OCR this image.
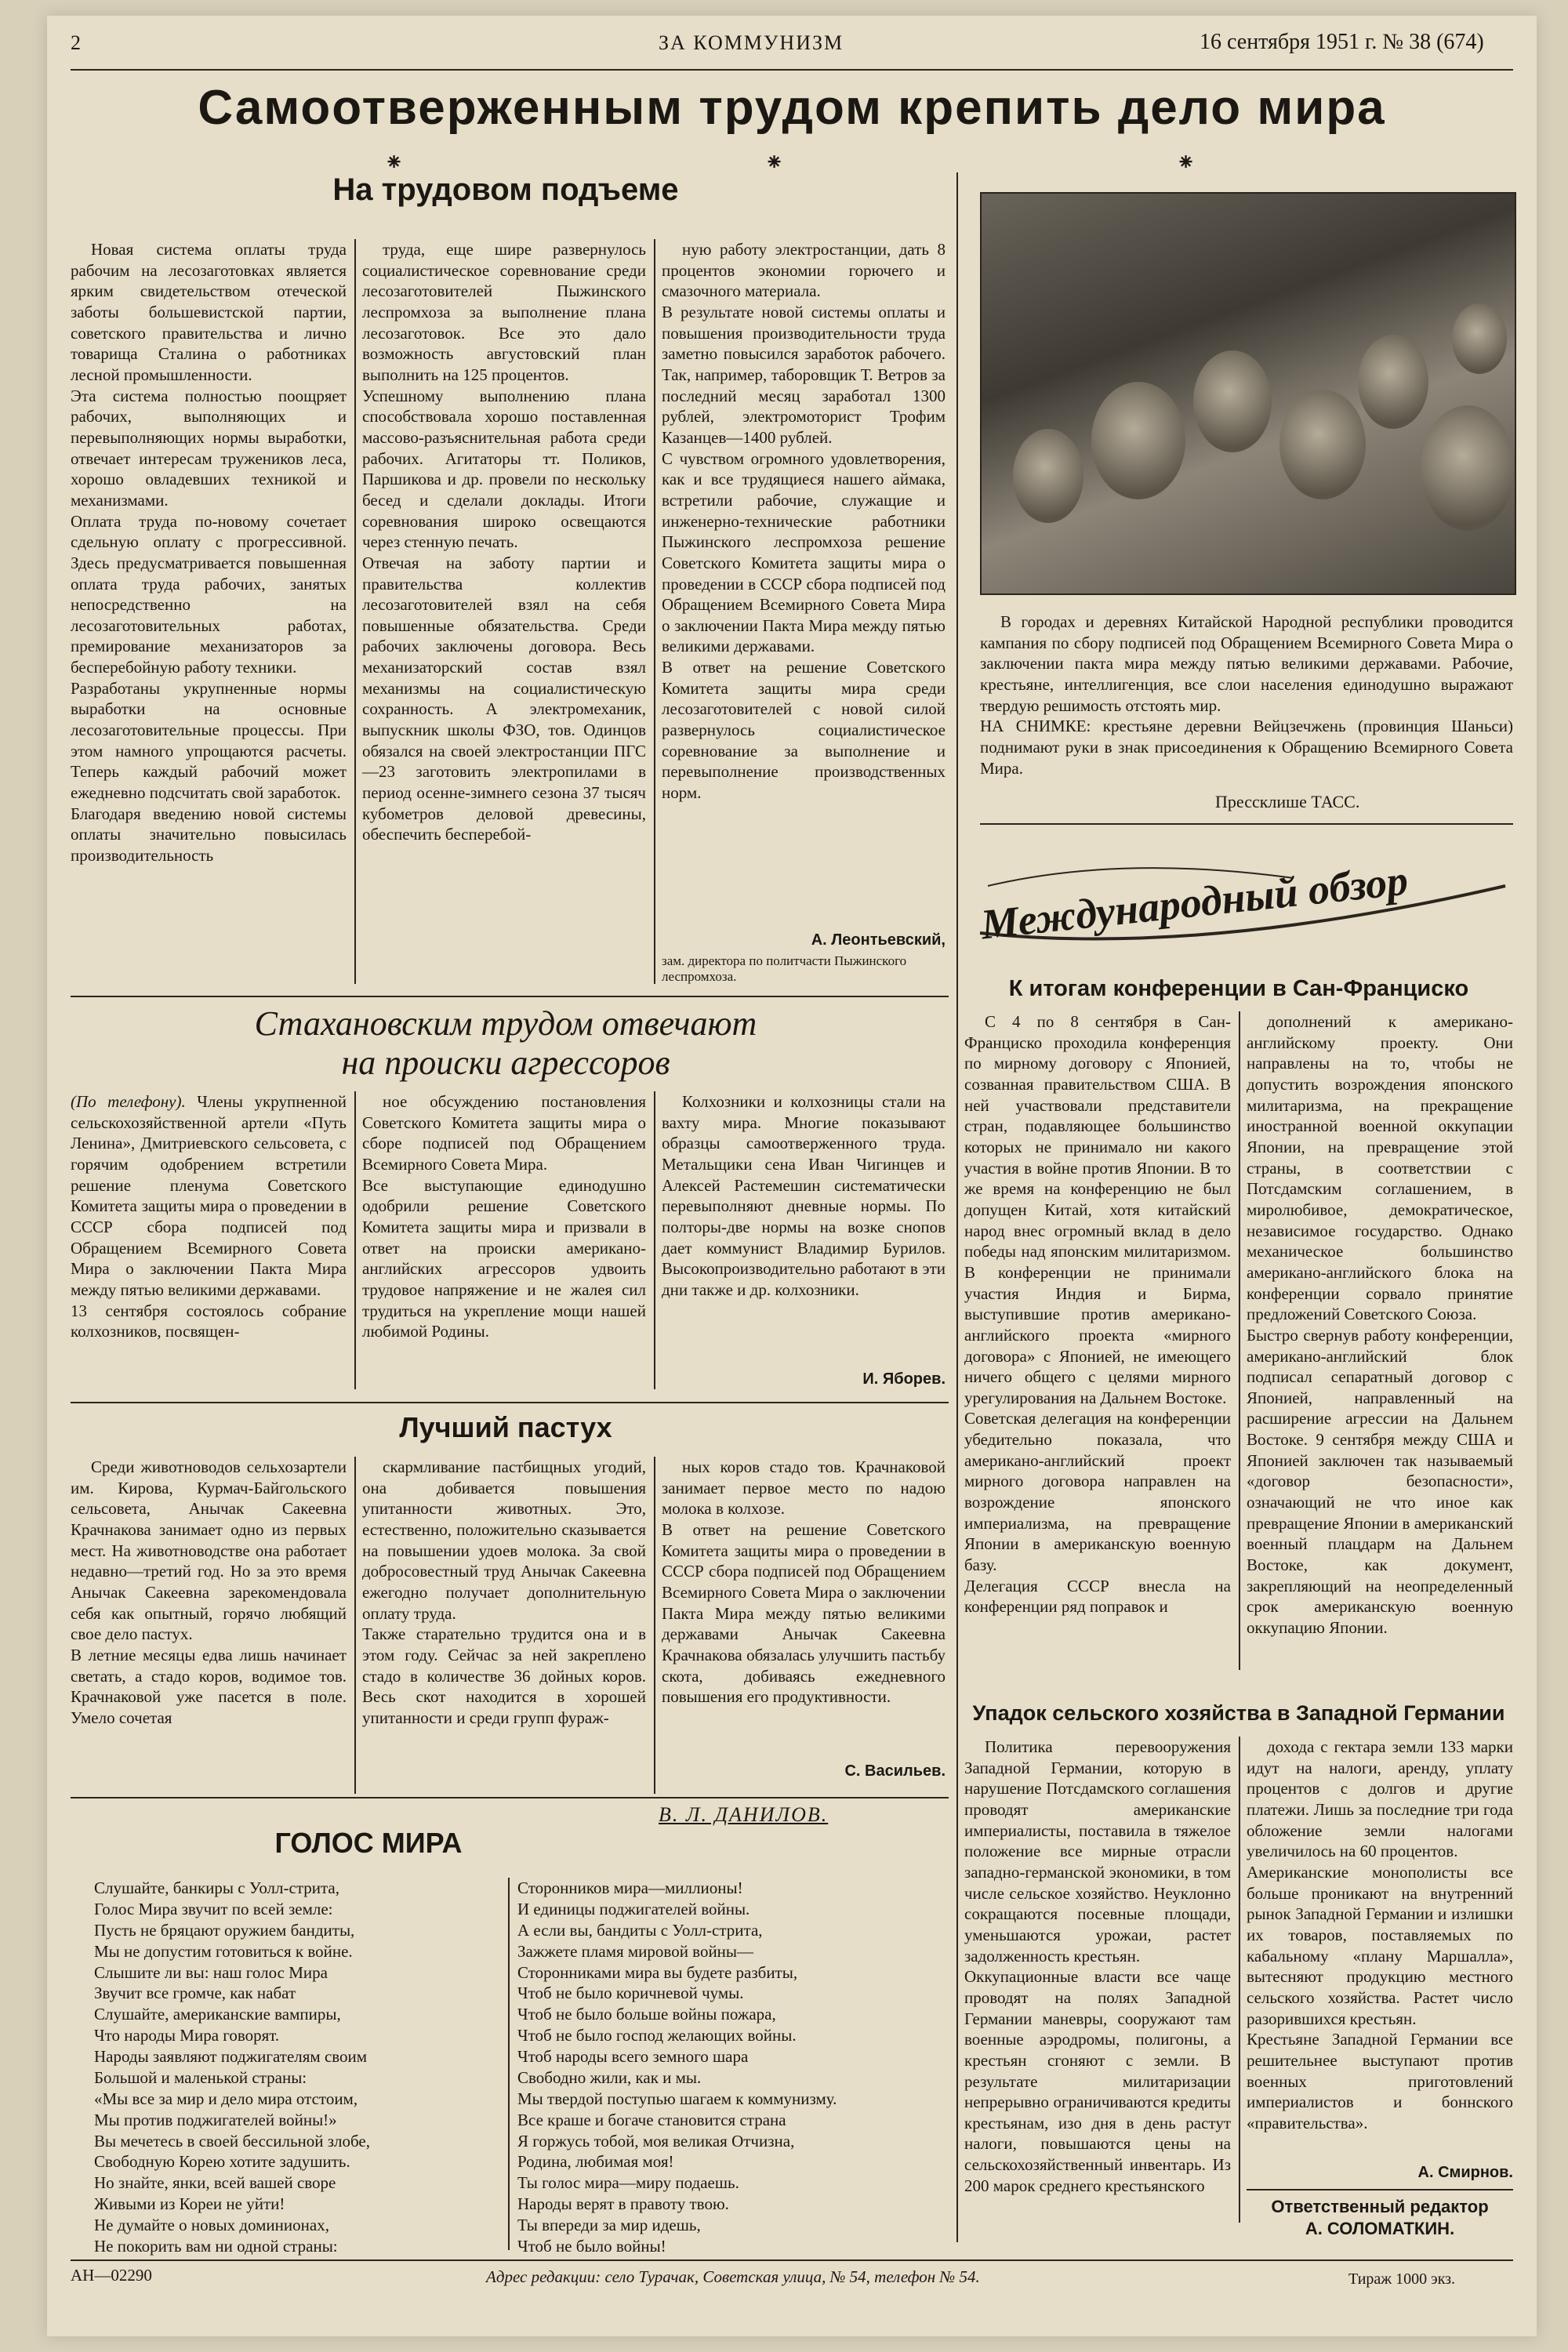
2	ЗА КОММУНИЗМ	16 сентября 1951 г. № 38 (674)
Самоотверженным трудом крепить дело мира
⁕	⁕	⁕
На трудовом подъеме

Новая система оплаты труда рабочим на лесозаготовках является ярким свидетельством отеческой заботы большевистской партии, советского правительства и лично товарища Сталина о работниках лесной промышленности.
Эта система полностью поощряет рабочих, выполняющих и перевыполняющих нормы выработки, отвечает интересам тружеников леса, хорошо овладевших техникой и механизмами.
Оплата труда по-новому сочетает сдельную оплату с прогрессивной. Здесь предусматривается повышенная оплата труда рабочих, занятых непосредственно на лесозаготовительных работах, премирование механизаторов за бесперебойную работу техники.
Разработаны укрупненные нормы выработки на основные лесозаготовительные процессы. При этом намного упрощаются расчеты. Теперь каждый рабочий может ежедневно подсчитать свой заработок.
Благодаря введению новой системы оплаты значительно повысилась производительность

труда, еще шире развернулось социалистическое соревнование среди лесозаготовителей Пыжинского леспромхоза за выполнение плана лесозаготовок. Все это дало возможность августовский план выполнить на 125 процентов.
Успешному выполнению плана способствовала хорошо поставленная массово-разъяснительная работа среди рабочих. Агитаторы тт. Поликов, Паршикова и др. провели по нескольку бесед и сделали доклады. Итоги соревнования широко освещаются через стенную печать.
Отвечая на заботу партии и правительства коллектив лесозаготовителей взял на себя повышенные обязательства. Среди рабочих заключены договора. Весь механизаторский состав взял механизмы на социалистическую сохранность. А электромеханик, выпускник школы ФЗО, тов. Одинцов обязался на своей электростанции ПГС—23 заготовить электропилами в период осенне-зимнего сезона 37 тысяч кубометров деловой древесины, обеспечить бесперебой-

ную работу электростанции, дать 8 процентов экономии горючего и смазочного материала.
В результате новой системы оплаты и повышения производительности труда заметно повысился заработок рабочего. Так, например, таборовщик Т. Ветров за последний месяц заработал 1300 рублей, электромоторист Трофим Казанцев—1400 рублей.
С чувством огромного удовлетворения, как и все трудящиеся нашего аймака, встретили рабочие, служащие и инженерно-технические работники Пыжинского леспромхоза решение Советского Комитета защиты мира о проведении в СССР сбора подписей под Обращением Всемирного Совета Мира о заключении Пакта Мира между пятью великими державами.
В ответ на решение Советского Комитета защиты мира среди лесозаготовителей с новой силой развернулось социалистическое соревнование за выполнение и перевыполнение производственных норм.

А. Леонтьевский,
зам. директора по политчасти Пыжинского леспромхоза.

В городах и деревнях Китайской Народной республики проводится кампания по сбору подписей под Обращением Всемирного Совета Мира о заключении пакта мира между пятью великими державами. Рабочие, крестьяне, интеллигенция, все слои населения единодушно выражают твердую решимость отстоять мир.
НА СНИМКЕ: крестьяне деревни Вейцзечжень (провинция Шаньси) поднимают руки в знак присоединения к Обращению Всемирного Совета Мира.

Прессклише ТАСС.
Международный обзор
К итогам конференции в Сан-Франциско

С 4 по 8 сентября в Сан-Франциско проходила конференция по мирному договору с Японией, созванная правительством США. В ней участвовали представители стран, подавляющее большинство которых не принимало ни какого участия в войне против Японии. В то же время на конференцию не был допущен Китай, хотя китайский народ внес огромный вклад в дело победы над японским милитаризмом. В конференции не принимали участия Индия и Бирма, выступившие против американо-английского проекта «мирного договора» с Японией, не имеющего ничего общего с целями мирного урегулирования на Дальнем Востоке.
Советская делегация на конференции убедительно показала, что американо-английский проект мирного договора направлен на возрождение японского империализма, на превращение Японии в американскую военную базу.
Делегация СССР внесла на конференции ряд поправок и

дополнений к американо-английскому проекту. Они направлены на то, чтобы не допустить возрождения японского милитаризма, на прекращение иностранной военной оккупации Японии, на превращение этой страны, в соответствии с Потсдамским соглашением, в миролюбивое, демократическое, независимое государство. Однако механическое большинство американо-английского блока на конференции сорвало принятие предложений Советского Союза.
Быстро свернув работу конференции, американо-английский блок подписал сепаратный договор с Японией, направленный на расширение агрессии на Дальнем Востоке. 9 сентября между США и Японией заключен так называемый «договор безопасности», означающий не что иное как превращение Японии в американский военный плацдарм на Дальнем Востоке, как документ, закрепляющий на неопределенный срок американскую военную оккупацию Японии.

Упадок сельского хозяйства в Западной Германии

Политика перевооружения Западной Германии, которую в нарушение Потсдамского соглашения проводят американские империалисты, поставила в тяжелое положение все мирные отрасли западно-германской экономики, в том числе сельское хозяйство. Неуклонно сокращаются посевные площади, уменьшаются урожаи, растет задолженность крестьян.
Оккупационные власти все чаще проводят на полях Западной Германии маневры, сооружают там военные аэродромы, полигоны, а крестьян сгоняют с земли. В результате милитаризации непрерывно ограничиваются кредиты крестьянам, изо дня в день растут налоги, повышаются цены на сельскохозяйственный инвентарь. Из 200 марок среднего крестьянского

дохода с гектара земли 133 марки идут на налоги, аренду, уплату процентов с долгов и другие платежи. Лишь за последние три года обложение земли налогами увеличилось на 60 процентов.
Американские монополисты все больше проникают на внутренний рынок Западной Германии и излишки их товаров, поставляемых по кабальному «плану Маршалла», вытесняют продукцию местного сельского хозяйства. Растет число разорившихся крестьян.
Крестьяне Западной Германии все решительнее выступают против военных приготовлений империалистов и боннского «правительства».

А. Смирнов.
Ответственный редактор
А. СОЛОМАТКИН.
Стахановским трудом отвечают
на происки агрессоров
(По телефону). Члены укрупненной сельскохозяйственной артели «Путь Ленина», Дмитриевского сельсовета, с горячим одобрением встретили решение пленума Советского Комитета защиты мира о проведении в СССР сбора подписей под Обращением Всемирного Совета Мира о заключении Пакта Мира между пятью великими державами.
13 сентября состоялось собрание колхозников, посвящен-

ное обсуждению постановления Советского Комитета защиты мира о сборе подписей под Обращением Всемирного Совета Мира.
Все выступающие единодушно одобрили решение Советского Комитета защиты мира и призвали в ответ на происки американо-английских агрессоров удвоить трудовое напряжение и не жалея сил трудиться на укрепление мощи нашей любимой Родины.

Колхозники и колхозницы стали на вахту мира. Многие показывают образцы самоотверженного труда. Метальщики сена Иван Чигинцев и Алексей Растемешин систематически перевыполняют дневные нормы. По полторы-две нормы на возке снопов дает коммунист Владимир Бурилов. Высокопроизводительно работают в эти дни также и др. колхозники.

И. Яборев.
Лучший пастух

Среди животноводов сельхозартели им. Кирова, Курмач-Байгольского сельсовета, Анычак Сакеевна Крачнакова занимает одно из первых мест. На животноводстве она работает недавно—третий год. Но за это время Анычак Сакеевна зарекомендовала себя как опытный, горячо любящий свое дело пастух.
В летние месяцы едва лишь начинает светать, а стадо коров, водимое тов. Крачнаковой уже пасется в поле. Умело сочетая

скармливание пастбищных угодий, она добивается повышения упитанности животных. Это, естественно, положительно сказывается на повышении удоев молока. За свой добросовестный труд Анычак Сакеевна ежегодно получает дополнительную оплату труда.
Также старательно трудится она и в этом году. Сейчас за ней закреплено стадо в количестве 36 дойных коров. Весь скот находится в хорошей упитанности и среди групп фураж-

ных коров стадо тов. Крачнаковой занимает первое место по надою молока в колхозе.
В ответ на решение Советского Комитета защиты мира о проведении в СССР сбора подписей под Обращением Всемирного Совета Мира о заключении Пакта Мира между пятью великими державами Анычак Сакеевна Крачнакова обязалась улучшить пастьбу скота, добиваясь ежедневного повышения его продуктивности.

С. Васильев.
В. Л. ДАНИЛОВ.
ГОЛОС МИРА
Слушайте, банкиры с Уолл-стрита,
Голос Мира звучит по всей земле:
Пусть не бряцают оружием бандиты,
Мы не допустим готовиться к войне.
Слышите ли вы: наш голос Мира
Звучит все громче, как набат
Слушайте, американские вампиры,
Что народы Мира говорят.
Народы заявляют поджигателям своим
Большой и маленькой страны:
«Мы все за мир и дело мира отстоим,
Мы против поджигателей войны!»
Вы мечетесь в своей бессильной злобе,
Свободную Корею хотите задушить.
Но знайте, янки, всей вашей своре
Живыми из Кореи не уйти!
Не думайте о новых доминионах,
Не покорить вам ни одной страны:
Сторонников мира—миллионы!
И единицы поджигателей войны.
А если вы, бандиты с Уолл-стрита,
Зажжете пламя мировой войны—
Сторонниками мира вы будете разбиты,
Чтоб не было коричневой чумы.
Чтоб не было больше войны пожара,
Чтоб не было господ желающих войны.
Чтоб народы всего земного шара
Свободно жили, как и мы.
Мы твердой поступью шагаем к коммунизму.
Все краше и богаче становится страна
Я горжусь тобой, моя великая Отчизна,
Родина, любимая моя!
Ты голос мира—миру подаешь.
Народы верят в правоту твою.
Ты впереди за мир идешь,
Чтоб не было войны!
АН—02290	Адрес редакции: село Турачак, Советская улица, № 54, телефон № 54.	Тираж 1000 экз.
